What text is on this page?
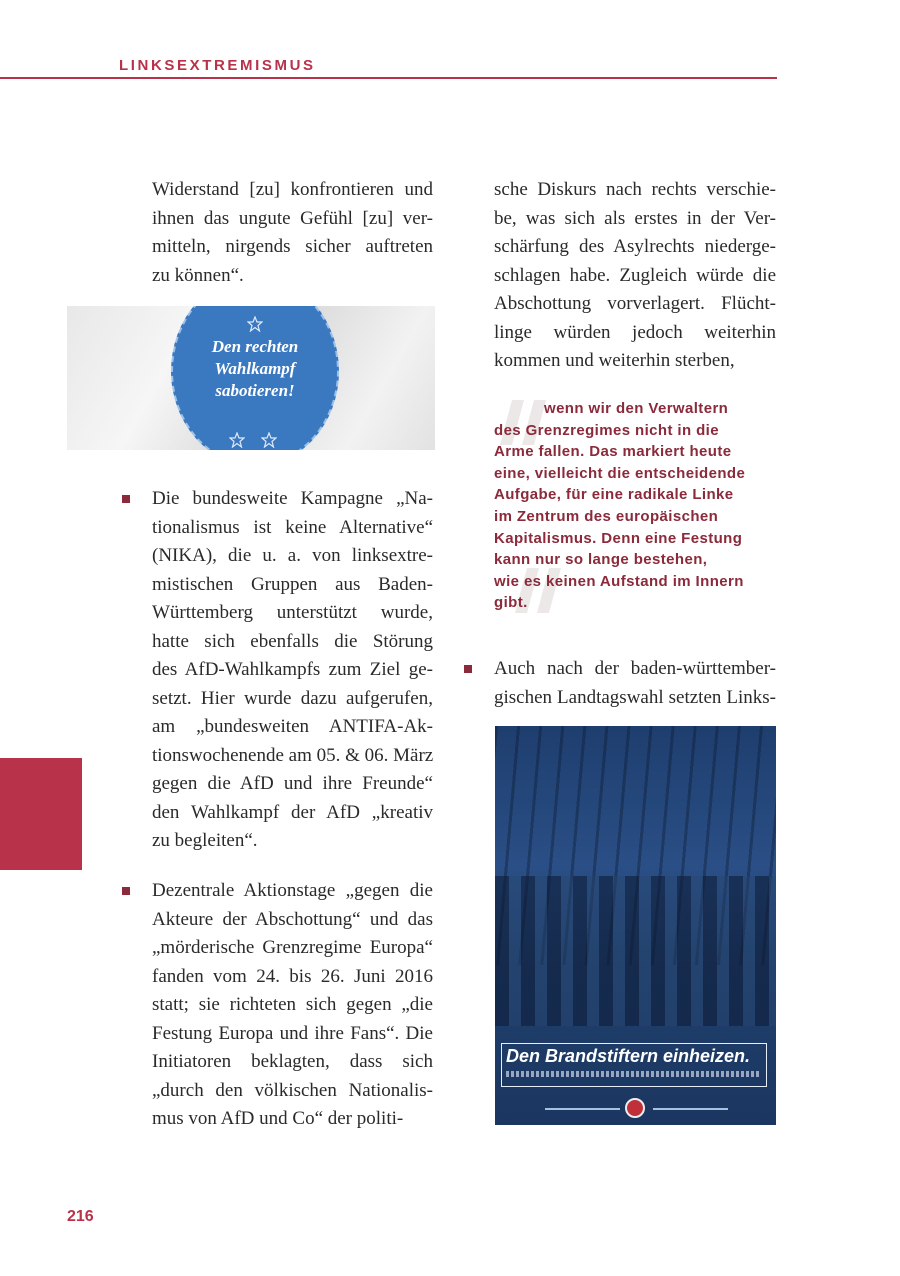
LINKSEXTREMISMUS
Widerstand [zu] konfrontieren und
ihnen das ungute Gefühl [zu] ver-
mitteln, nirgends sicher auftreten
zu können“.
Den rechten
Wahlkampf
sabotieren!
Die bundesweite Kampagne „Na-
tionalismus ist keine Alternative“
(NIKA), die u. a. von linksextre-
mistischen Gruppen aus Baden-
Württemberg unterstützt wurde,
hatte sich ebenfalls die Störung
des AfD-Wahlkampfs zum Ziel ge-
setzt. Hier wurde dazu aufgerufen,
am „bundesweiten ANTIFA-Ak-
tionswochenende am 05. & 06. März
gegen die AfD und ihre Freunde“
den Wahlkampf der AfD „kreativ
zu begleiten“.
Dezentrale Aktionstage „gegen die
Akteure der Abschottung“ und das
„mörderische Grenzregime Europa“
fanden vom 24. bis 26. Juni 2016
statt; sie richteten sich gegen „die
Festung Europa und ihre Fans“. Die
Initiatoren beklagten, dass sich
„durch den völkischen Nationalis-
mus von AfD und Co“ der politi-
sche Diskurs nach rechts verschie-
be, was sich als erstes in der Ver-
schärfung des Asylrechts niederge-
schlagen habe. Zugleich würde die
Abschottung vorverlagert. Flücht-
linge würden jedoch weiterhin
kommen und weiterhin sterben,
wenn wir den Verwaltern
des Grenzregimes nicht in die
Arme fallen. Das markiert heute
eine, vielleicht die entscheidende
Aufgabe, für eine radikale Linke
im Zentrum des europäischen
Kapitalismus. Denn eine Festung
kann nur so lange bestehen,
wie es keinen Aufstand im Innern
gibt.
Auch nach der baden-württember-
gischen Landtagswahl setzten Links-
Den Brandstiftern einheizen.
216
